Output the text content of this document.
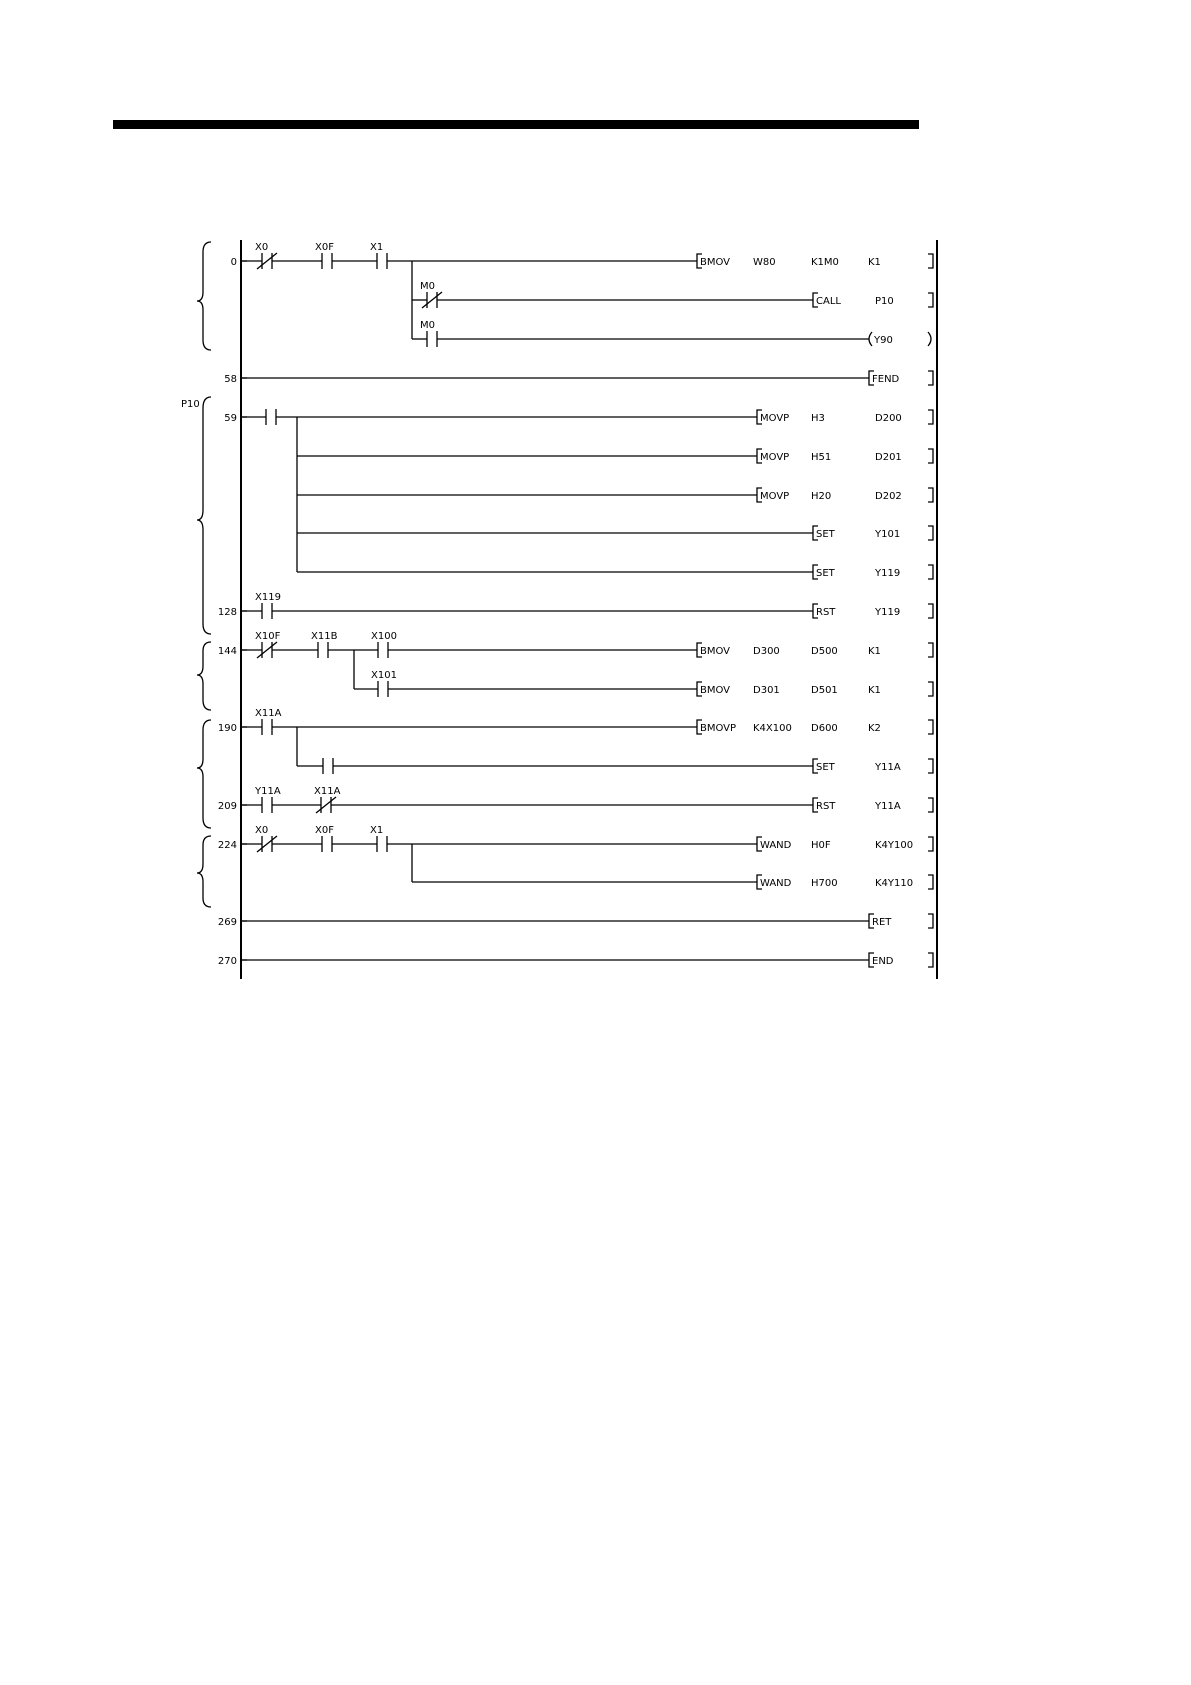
0
X0	X0F	X1
BMOV W80	K1M0	K1
M0
CALL	P10
M0
Y90
58	FEND
59	MOVP H3	D200
MOVP H51	D201
MOVP H20	D202
SET	Y101
SET	Y119
128
X119
RST	Y119
144
X10F	X11B	X100
BMOV D300	D500	K1
X101
BMOV D301	D501	K1
190
X11A
BMOVP K4X100 D600	K2
SET	Y11A
209
Y11A	X11A
RST	Y11A
224
X0	X0F	X1
WAND H0F	K4Y100
WAND H700	K4Y110
269	RET
270	END
P10
